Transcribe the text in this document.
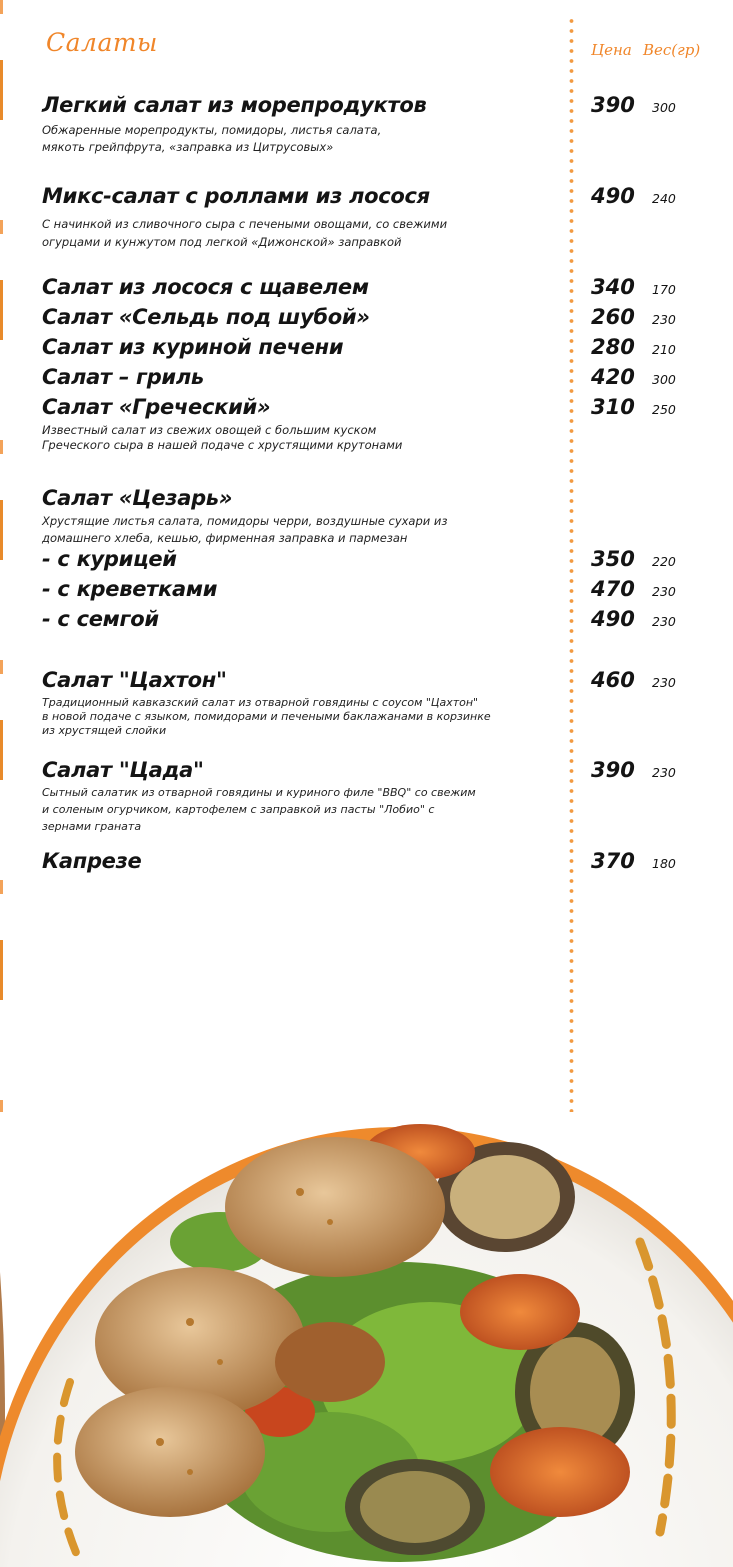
Салаты	Цена Вес(гр)
Легкий салат из морепродуктов	390 300
Обжаренные морепродукты, помидоры, листья салата,
мякоть грейпфрута, «заправка из Цитрусовых»
Микс-салат с роллами из лосося	490 240
С начинкой из сливочного сыра с печеными овощами, со свежими
огурцами и кунжутом под легкой «Дижонской» заправкой
Салат из лосося с щавелем	340 170
Салат «Сельдь под шубой»	260 230
Салат из куриной печени	280 210
Салат – гриль	420 300
Салат «Греческий»	310 250
Известный салат из свежих овощей с большим куском
Греческого сыра в нашей подаче с хрустящими крутонами
Салат «Цезарь»
Хрустящие листья салата, помидоры черри, воздушные сухари из
домашнего хлеба, кешью, фирменная заправка и пармезан
- с курицей	350 220
- с креветками	470 230
- с семгой	490 230
Салат "Цахтон"	460 230
Традиционный кавказский салат из отварной говядины с соусом "Цахтон"
в новой подаче с языком, помидорами и печеными баклажанами в корзинке
из хрустящей слойки
Салат "Цада"	390 230
Сытный салатик из отварной говядины и куриного филе "BBQ" со свежим
и соленым огурчиком, картофелем с заправкой из пасты "Лобио" с
зернами граната
Капрезе	370 180
